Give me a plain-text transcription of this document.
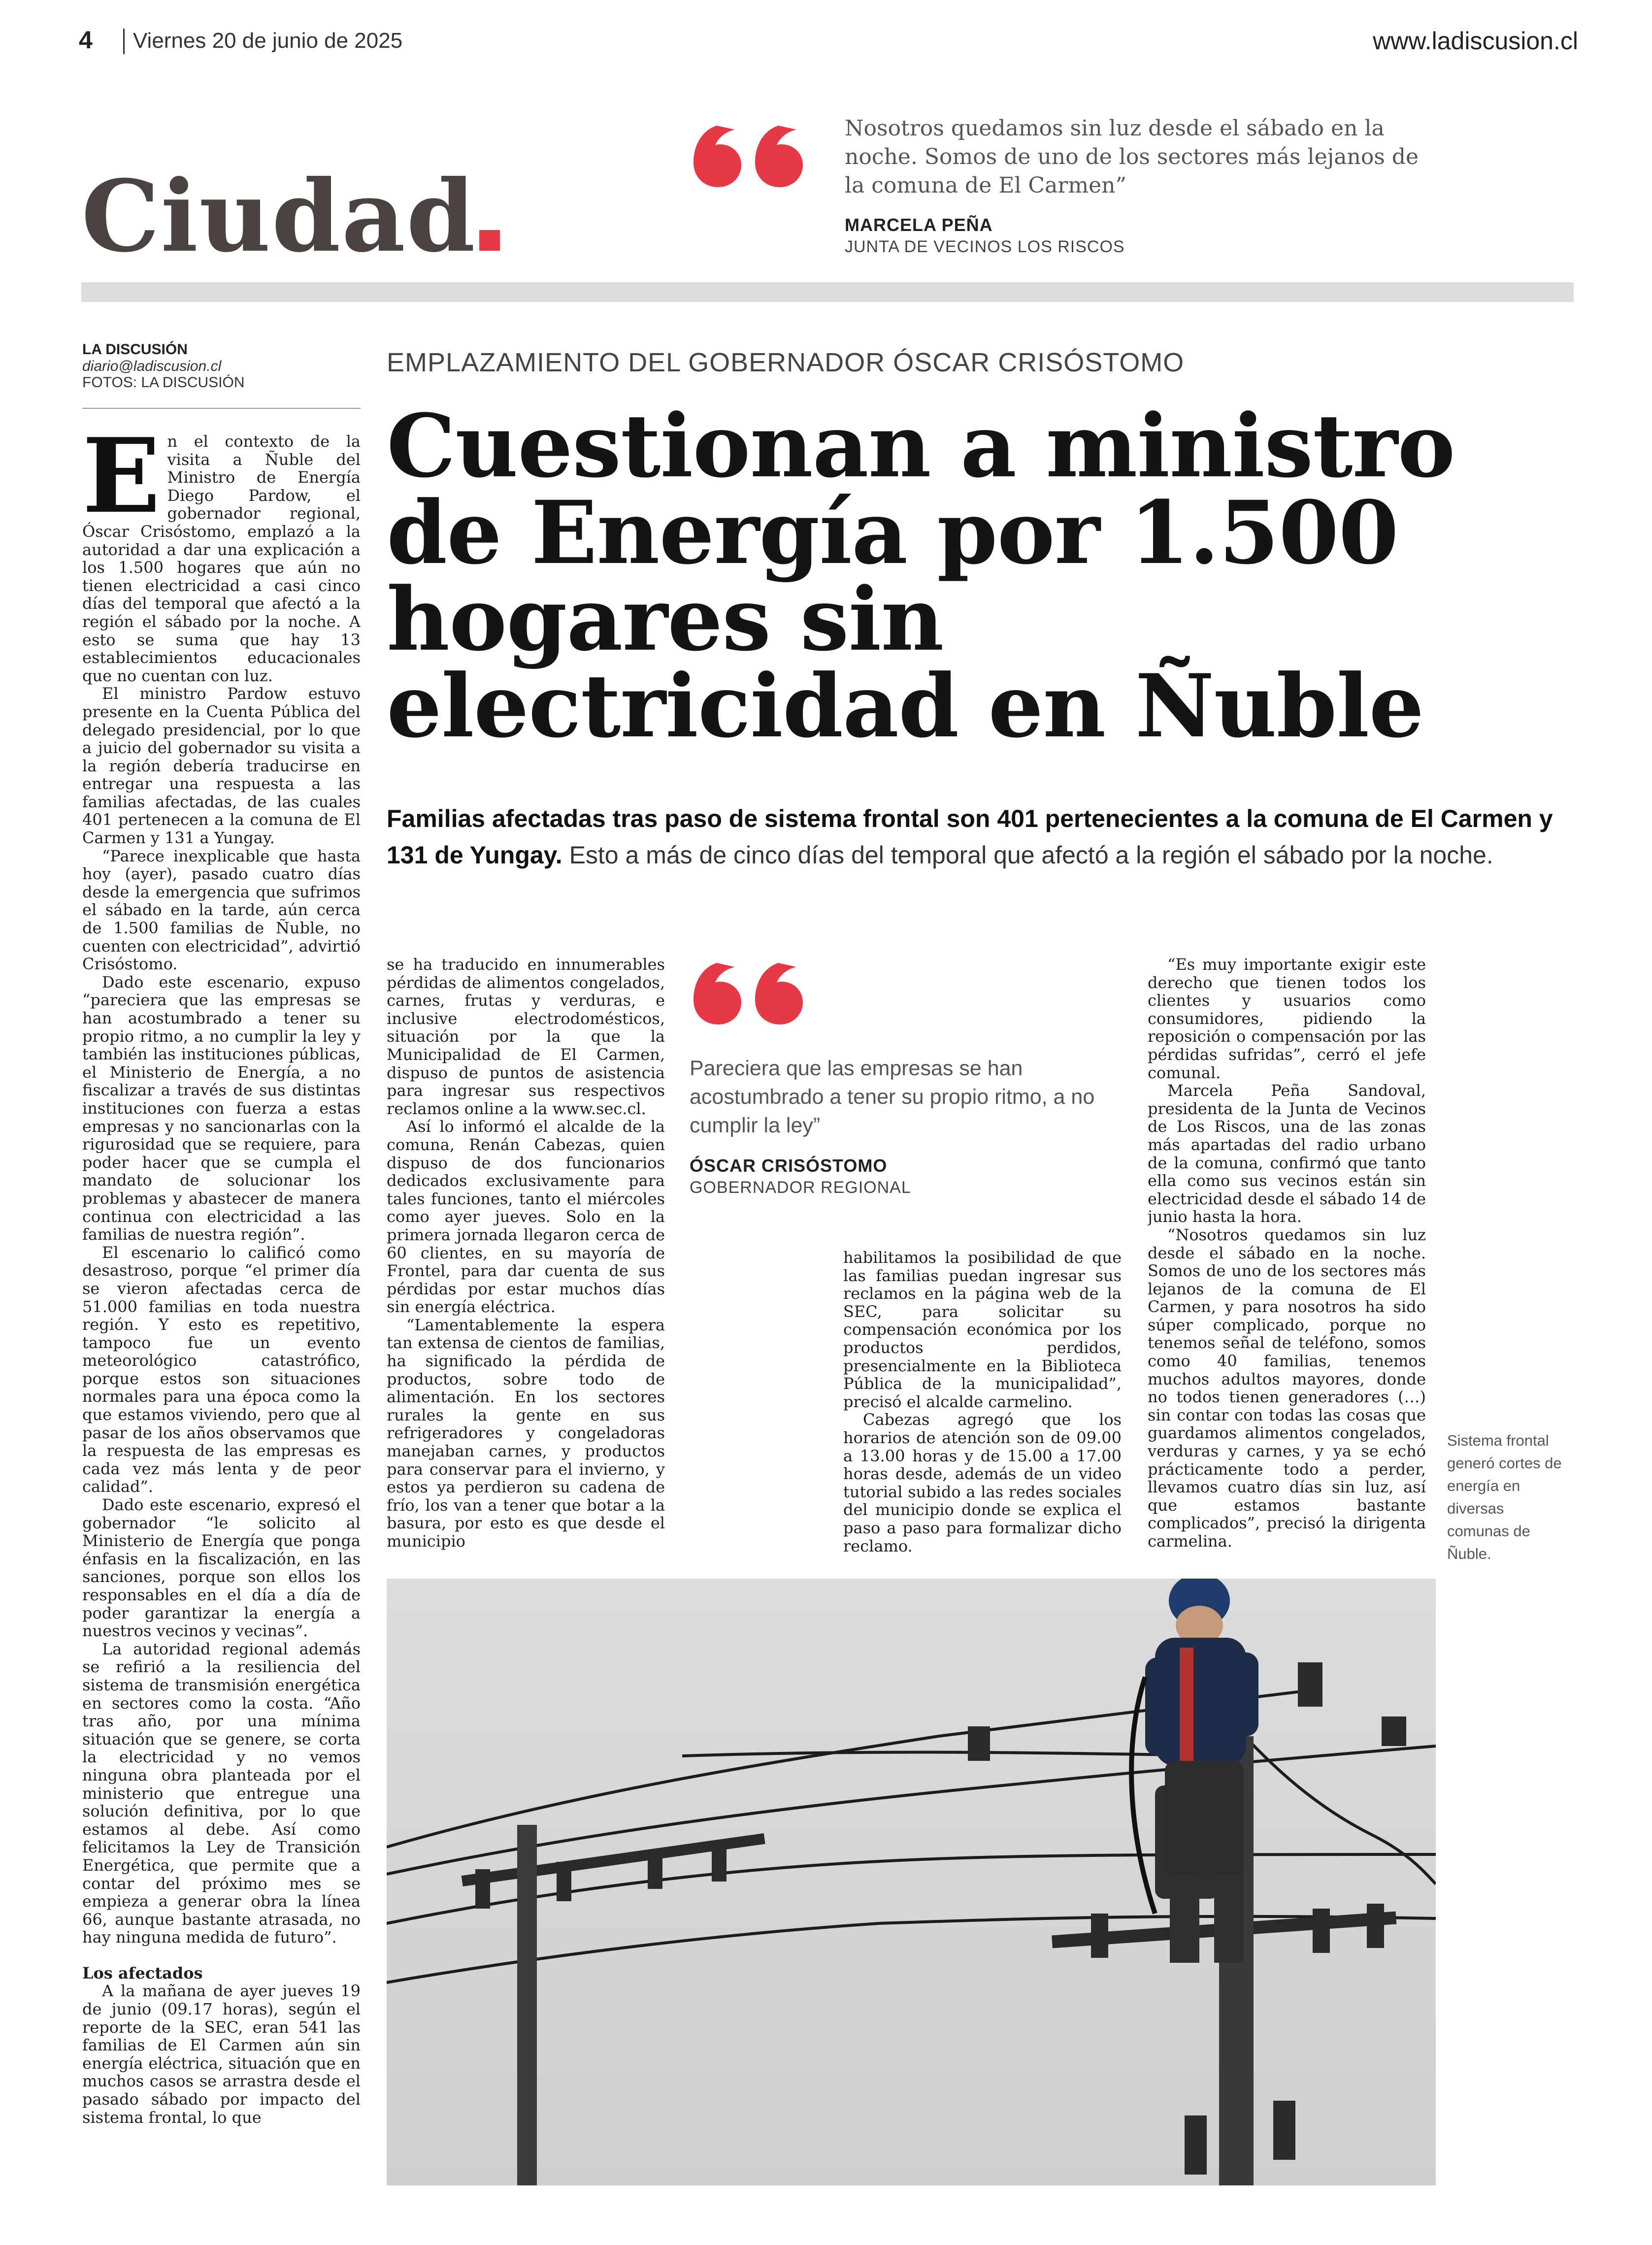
4 Viernes 20 de junio de 2025	www.ladiscusion.cl
Ciudad
Nosotros quedamos sin luz desde el sábado en la noche. Somos de uno de los sectores más lejanos de la comuna de El Carmen”
MARCELA PEÑA
JUNTA DE VECINOS LOS RISCOS
LA DISCUSIÓN
diario@ladiscusion.cl
FOTOS: LA DISCUSIÓN
EMPLAZAMIENTO DEL GOBERNADOR ÓSCAR CRISÓSTOMO
Cuestionan a ministro de Energía por 1.500 hogares sin electricidad en Ñuble
Familias afectadas tras paso de sistema frontal son 401 pertenecientes a la comuna de El Carmen y 131 de Yungay. Esto a más de cinco días del temporal que afectó a la región el sábado por la noche.
E n el contexto de la visita a Ñuble del Ministro de Energía Diego Pardow, el gobernador regional, Óscar Crisóstomo, emplazó a la autoridad a dar una explicación a los 1.500 hogares que aún no tienen electricidad a casi cinco días del temporal que afectó a la región el sábado por la noche. A esto se suma que hay 13 establecimientos educacionales que no cuentan con luz.

El ministro Pardow estuvo presente en la Cuenta Pública del delegado presidencial, por lo que a juicio del gobernador su visita a la región debería traducirse en entregar una respuesta a las familias afectadas, de las cuales 401 pertenecen a la comuna de El Carmen y 131 a Yungay.

“Parece inexplicable que hasta hoy (ayer), pasado cuatro días desde la emergencia que sufrimos el sábado en la tarde, aún cerca de 1.500 familias de Ñuble, no cuenten con electricidad”, advirtió Crisóstomo.

Dado este escenario, expuso “pareciera que las empresas se han acostumbrado a tener su propio ritmo, a no cumplir la ley y también las instituciones públicas, el Ministerio de Energía, a no fiscalizar a través de sus distintas instituciones con fuerza a estas empresas y no sancionarlas con la rigurosidad que se requiere, para poder hacer que se cumpla el mandato de solucionar los problemas y abastecer de manera continua con electricidad a las familias de nuestra región”.

El escenario lo calificó como desastroso, porque “el primer día se vieron afectadas cerca de 51.000 familias en toda nuestra región. Y esto es repetitivo, tampoco fue un evento meteorológico catastrófico, porque estos son situaciones normales para una época como la que estamos viviendo, pero que al pasar de los años observamos que la respuesta de las empresas es cada vez más lenta y de peor calidad”.

Dado este escenario, expresó el gobernador “le solicito al Ministerio de Energía que ponga énfasis en la fiscalización, en las sanciones, porque son ellos los responsables en el día a día de poder garantizar la energía a nuestros vecinos y vecinas”.

La autoridad regional además se refirió a la resiliencia del sistema de transmisión energética en sectores como la costa. “Año tras año, por una mínima situación que se genere, se corta la electricidad y no vemos ninguna obra planteada por el ministerio que entregue una solución definitiva, por lo que estamos al debe. Así como felicitamos la Ley de Transición Energética, que permite que a contar del próximo mes se empieza a generar obra la línea 66, aunque bastante atrasada, no hay ninguna medida de futuro”.

Los afectados

A la mañana de ayer jueves 19 de junio (09.17 horas), según el reporte de la SEC, eran 541 las familias de El Carmen aún sin energía eléctrica, situación que en muchos casos se arrastra desde el pasado sábado por impacto del sistema frontal, lo que

se ha traducido en innumerables pérdidas de alimentos congelados, carnes, frutas y verduras, e inclusive electrodomésticos, situación por la que la Municipalidad de El Carmen, dispuso de puntos de asistencia para ingresar sus respectivos reclamos online a la www.sec.cl.

Así lo informó el alcalde de la comuna, Renán Cabezas, quien dispuso de dos funcionarios dedicados exclusivamente para tales funciones, tanto el miércoles como ayer jueves. Solo en la primera jornada llegaron cerca de 60 clientes, en su mayoría de Frontel, para dar cuenta de sus pérdidas por estar muchos días sin energía eléctrica.

“Lamentablemente la espera tan extensa de cientos de familias, ha significado la pérdida de productos, sobre todo de alimentación. En los sectores rurales la gente en sus refrigeradores y congeladoras manejaban carnes, y productos para conservar para el invierno, y estos ya perdieron su cadena de frío, los van a tener que botar a la basura, por esto es que desde el municipio

Pareciera que las empresas se han acostumbrado a tener su propio ritmo, a no cumplir la ley”
ÓSCAR CRISÓSTOMO
GOBERNADOR REGIONAL

habilitamos la posibilidad de que las familias puedan ingresar sus reclamos en la página web de la SEC, para solicitar su compensación económica por los productos perdidos, presencialmente en la Biblioteca Pública de la municipalidad”, precisó el alcalde carmelino.

Cabezas agregó que los horarios de atención son de 09.00 a 13.00 horas y de 15.00 a 17.00 horas desde, además de un video tutorial subido a las redes sociales del municipio donde se explica el paso a paso para formalizar dicho reclamo.

“Es muy importante exigir este derecho que tienen todos los clientes y usuarios como consumidores, pidiendo la reposición o compensación por las pérdidas sufridas”, cerró el jefe comunal.

Marcela Peña Sandoval, presidenta de la Junta de Vecinos de Los Riscos, una de las zonas más apartadas del radio urbano de la comuna, confirmó que tanto ella como sus vecinos están sin electricidad desde el sábado 14 de junio hasta la hora.

“Nosotros quedamos sin luz desde el sábado en la noche. Somos de uno de los sectores más lejanos de la comuna de El Carmen, y para nosotros ha sido súper complicado, porque no tenemos señal de teléfono, somos como 40 familias, tenemos muchos adultos mayores, donde no todos tienen generadores (…) sin contar con todas las cosas que guardamos alimentos congelados, verduras y carnes, y ya se echó prácticamente todo a perder, llevamos cuatro días sin luz, así que estamos bastante complicados”, precisó la dirigenta carmelina.

Sistema frontal generó cortes de energía en diversas comunas de Ñuble.
